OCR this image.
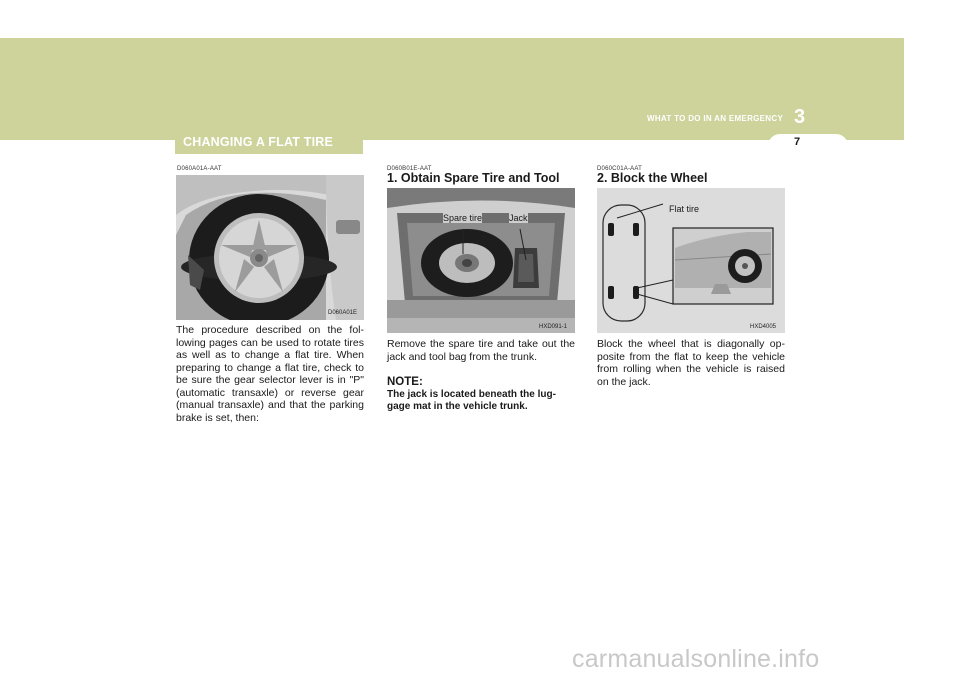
CHANGING A FLAT TIRE	7
WHAT TO DO IN AN EMERGENCY 3
D060A01A-AAT
D060A01E
The procedure described on the fol- lowing pages can be used to rotate tires as well as to change a flat tire. When preparing to change a flat tire, check to be sure the gear selector lever is in "P" (automatic transaxle) or reverse gear (manual transaxle) and that the parking brake is set, then:
D060B01E-AAT
1. Obtain Spare Tire and Tool
Spare tire	Jack
HXD091-1
Remove the spare tire and take out the jack and tool bag from the trunk.
NOTE:
The jack is located beneath the lug- gage mat in the vehicle trunk.
D060C01A-AAT
2. Block the Wheel
Flat tire
HXD4005
Block the wheel that is diagonally op- posite from the flat to keep the vehicle from rolling when the vehicle is raised on the jack.
carmanualsonline.info
